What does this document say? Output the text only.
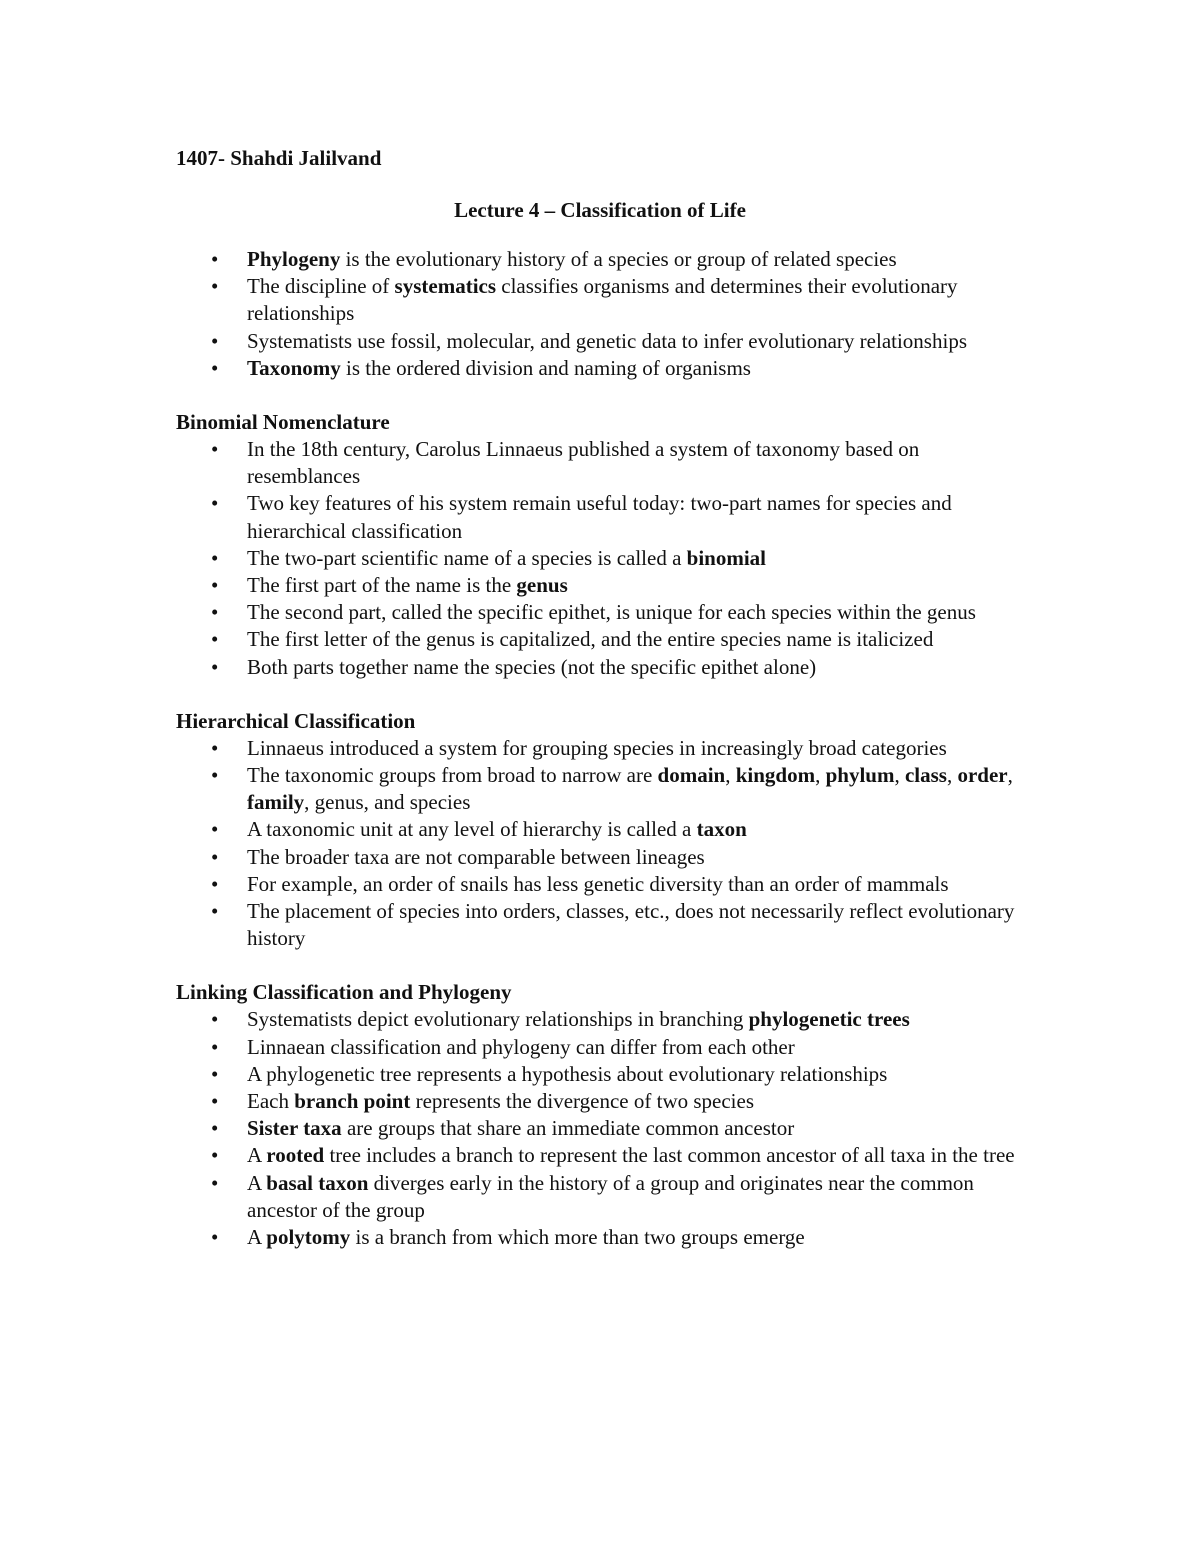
1407- Shahdi Jalilvand
Lecture 4 – Classification of Life
• Phylogeny is the evolutionary history of a species or group of related species
• The discipline of systematics classifies organisms and determines their evolutionary relationships
• Systematists use fossil, molecular, and genetic data to infer evolutionary relationships
• Taxonomy is the ordered division and naming of organisms
Binomial Nomenclature
• In the 18th century, Carolus Linnaeus published a system of taxonomy based on resemblances
• Two key features of his system remain useful today: two-part names for species and hierarchical classification
• The two-part scientific name of a species is called a binomial
• The first part of the name is the genus
• The second part, called the specific epithet, is unique for each species within the genus
• The first letter of the genus is capitalized, and the entire species name is italicized
• Both parts together name the species (not the specific epithet alone)
Hierarchical Classification
• Linnaeus introduced a system for grouping species in increasingly broad categories
• The taxonomic groups from broad to narrow are domain, kingdom, phylum, class, order, family, genus, and species
• A taxonomic unit at any level of hierarchy is called a taxon
• The broader taxa are not comparable between lineages
• For example, an order of snails has less genetic diversity than an order of mammals
• The placement of species into orders, classes, etc., does not necessarily reflect evolutionary history
Linking Classification and Phylogeny
• Systematists depict evolutionary relationships in branching phylogenetic trees
• Linnaean classification and phylogeny can differ from each other
• A phylogenetic tree represents a hypothesis about evolutionary relationships
• Each branch point represents the divergence of two species
• Sister taxa are groups that share an immediate common ancestor
• A rooted tree includes a branch to represent the last common ancestor of all taxa in the tree
• A basal taxon diverges early in the history of a group and originates near the common ancestor of the group
• A polytomy is a branch from which more than two groups emerge
